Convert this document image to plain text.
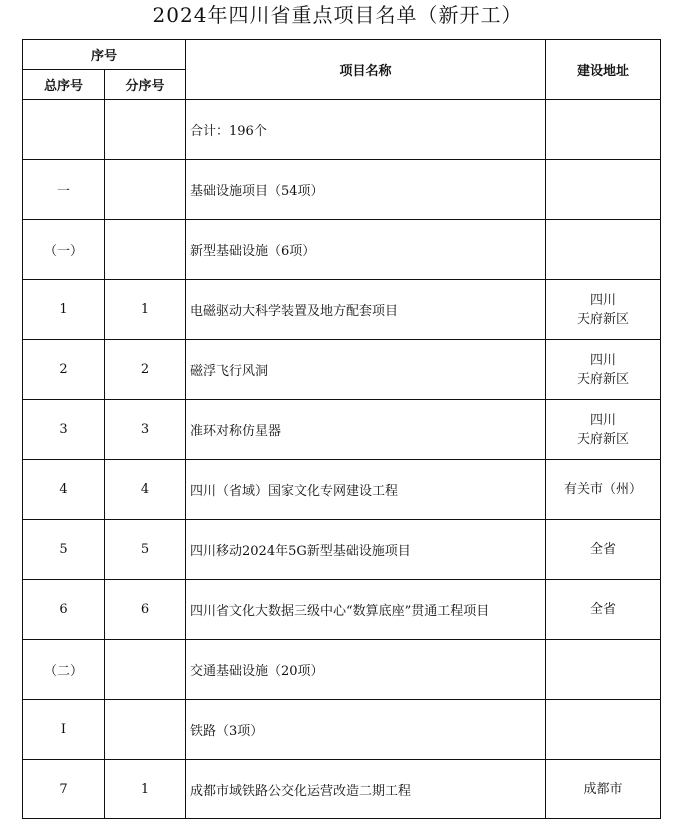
2024年四川省重点项目名单（新开工）
序号		项目名称	建设地址
总序号	分序号		
		合计：196个	

一		基础设施项目（54项）	

（一）		新型基础设施（6项）	

1	1	电磁驱动大科学装置及地方配套项目	四川
天府新区

2	2	磁浮飞行风洞	四川
天府新区

3	3	准环对称仿星器	四川
天府新区

4	4	四川（省域）国家文化专网建设工程	有关市（州）

5	5	四川移动2024年5G新型基础设施项目	全省

6	6	四川省文化大数据三级中心“数算底座”贯通工程项目	全省

（二）		交通基础设施（20项）	

Ⅰ		铁路（3项）	

7	1	成都市域铁路公交化运营改造二期工程	成都市
